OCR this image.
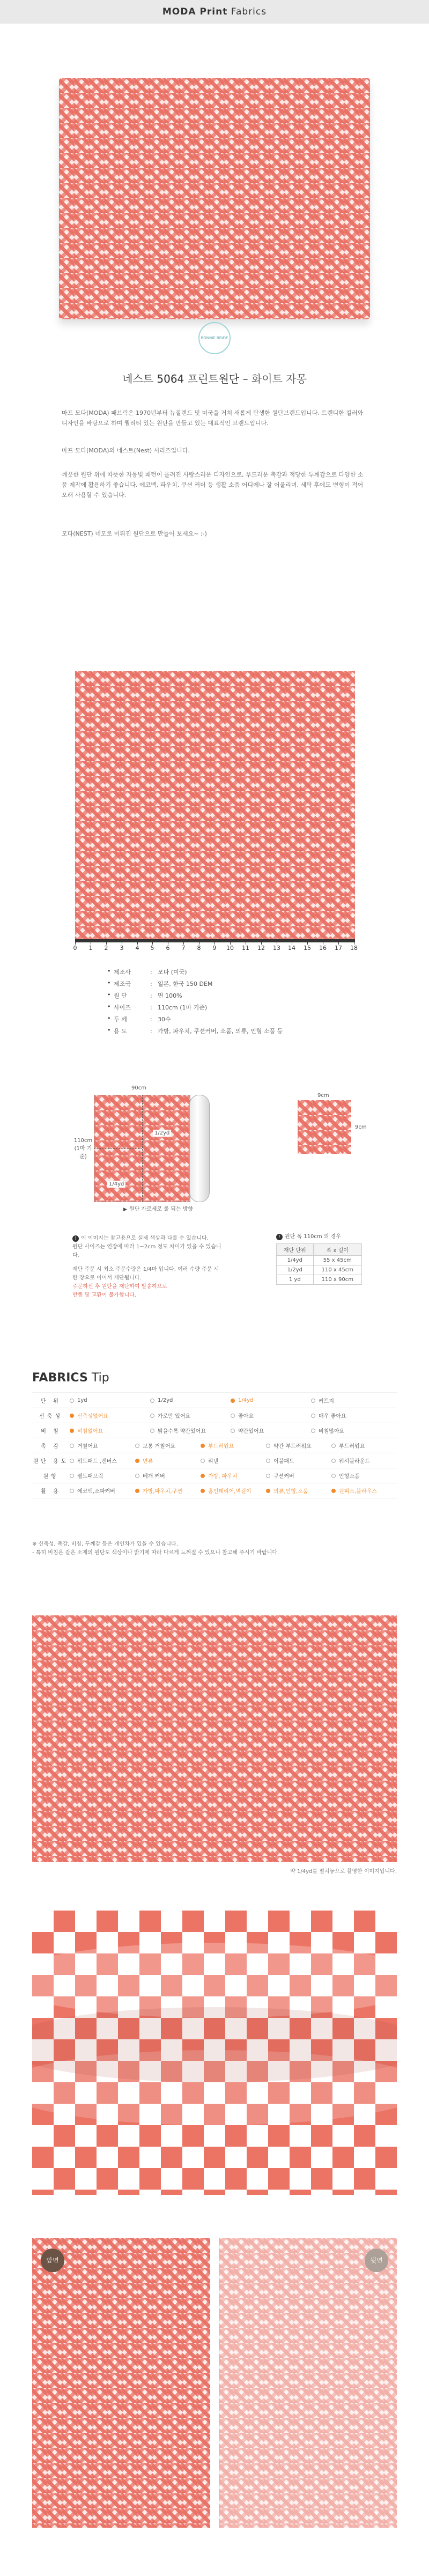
MODA Print Fabrics
BONNIE BRIDE
네스트 5064 프린트원단 – 화이트 자몽
마프 모다(MODA) 패브릭은 1970년부터 뉴질랜드 및 미국을 거쳐 새롭게 탄생한 원단브랜드입니다. 트렌디한 컬러와 디자인을 바탕으로 하며 퀄리티 있는 원단을 만들고 있는 대표적인 브랜드입니다.
마프 모다(MODA)의 네스트(Nest) 시리즈입니다.
깨끗한 원단 위에 따뜻한 자몽빛 패턴이 올려진 사랑스러운 디자인으로, 부드러운 촉감과 적당한 두께감으로 다양한 소품 제작에 활용하기 좋습니다. 에코백, 파우치, 쿠션 커버 등 생활 소품 어디에나 잘 어울리며, 세탁 후에도 변형이 적어 오래 사용할 수 있습니다.
모다(NEST) 네모로 이뤄진 원단으로 만들어 보세요~ :-)
0 1 2 3 4 5 6 7 8 9 10 11 12 13 14 15 16 17 18
• 제조사	: 모다 (미국)
• 제조국	: 일본, 한국 150 DEM
• 원 단	: 면 100%
• 사이즈	: 110cm (1마 기준)
• 두 께	: 30수
• 용 도	: 가방, 파우치, 쿠션커버, 소품, 의류, 인형 소품 등
90cm
110cm
(1마 기준)
1/2yd
1/4yd
▶ 원단 가로세로 롤 되는 방향
9cm
9cm
! 이 이미지는 참고용으로 실제 색상과 다를 수 있습니다.
원단 사이즈는 연장에 따라 1~2cm 정도 차이가 있을 수 있습니다.
재단 주문 시 최소 주문수량은 1/4마 입니다. 여러 수량 주문 시 한 장으로 이어서 재단됩니다.
주문하신 후 원단을 재단하여 발송하므로
반품 및 교환이 불가합니다.
! 원단 폭 110cm 의 경우
재단 단위	폭 x 길이
1/4yd	55 x 45cm
1/2yd	110 x 45cm
1 yd	110 x 90cm
FABRICS Tip
단 위	1yd	1/2yd	1/4yd	커트지
신축성	신축성없어요	가로만 있어요	좋아요	매우 좋아요
비 침	비침없어요	밝을수록 약간있어요	약간있어요	비침많아요
촉 감	거칠어요	보통 거칠어요	부드러워요	약간 부드러워요	부드러워요
원단 용도 워드패드 ,캔버스	면류	리넨	이불패드	워셔블라운드
원형	퀼트패브릭	베개 커버	가방, 파우치	쿠션커버	인형소품
활 용	에코백,소파커버	가방,파우치,쿠션	홈인테리어,벽걸이	의류,인형,소품	원피스,블라우스
※ 신축성, 촉감, 비침, 두께감 등은 개인차가 있을 수 있습니다.
- 특히 비침은 같은 소재의 원단도 색상이나 밝기에 따라 다르게 느껴질 수 있으니 참고해 주시기 바랍니다.
약 1/4yd를 펼쳐놓으로 촬영한 이미지입니다.
앞면	뒷면
